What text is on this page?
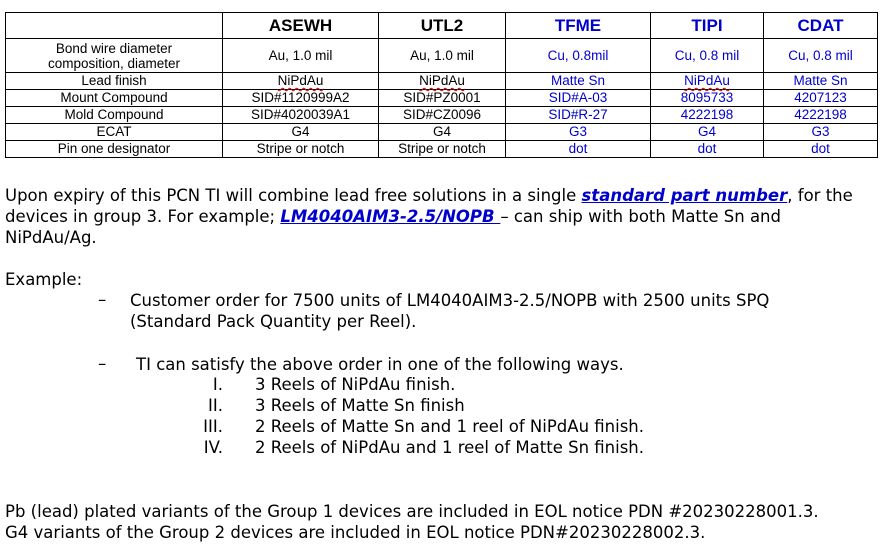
	ASEWH	UTL2	TFME	TIPI	CDAT
Bond wire diameter
composition, diameter	Au, 1.0 mil	Au, 1.0 mil	Cu, 0.8mil	Cu, 0.8 mil	Cu, 0.8 mil
Lead finish	NiPdAu	NiPdAu	Matte Sn	NiPdAu	Matte Sn
Mount Compound	SID#1120999A2	SID#PZ0001	SID#A-03	8095733	4207123
Mold Compound	SID#4020039A1	SID#CZ0096	SID#R-27	4222198	4222198
ECAT	G4	G4	G3	G4	G3
Pin one designator	Stripe or notch	Stripe or notch	dot	dot	dot
Upon expiry of this PCN TI will combine lead free solutions in a single standard part number, for the devices in group 3. For example; LM4040AIM3-2.5/NOPB – can ship with both Matte Sn and NiPdAu/Ag.
Example:
– Customer order for 7500 units of LM4040AIM3-2.5/NOPB with 2500 units SPQ (Standard Pack Quantity per Reel).
– TI can satisfy the above order in one of the following ways.
I. 3 Reels of NiPdAu finish.
II. 3 Reels of Matte Sn finish
III. 2 Reels of Matte Sn and 1 reel of NiPdAu finish.
IV. 2 Reels of NiPdAu and 1 reel of Matte Sn finish.
Pb (lead) plated variants of the Group 1 devices are included in EOL notice PDN #20230228001.3.
G4 variants of the Group 2 devices are included in EOL notice PDN#20230228002.3.
